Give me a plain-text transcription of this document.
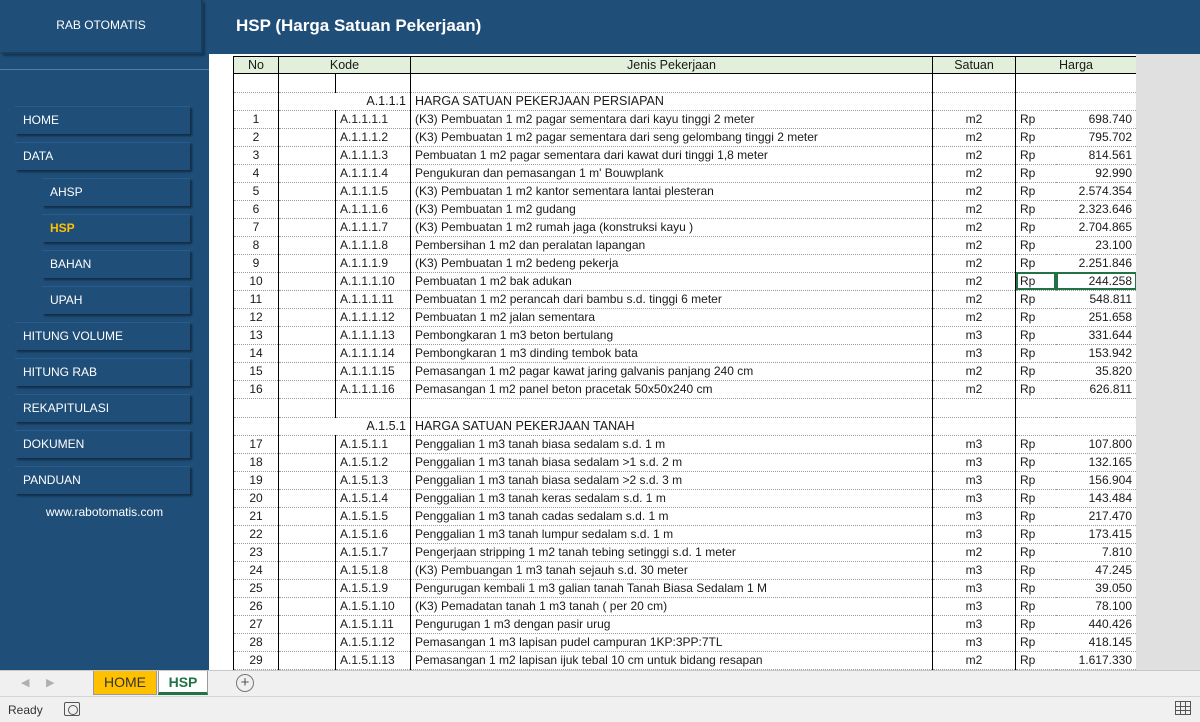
RAB OTOMATIS
HOME
DATA
AHSP
HSP
BAHAN
UPAH
HITUNG VOLUME
HITUNG RAB
REKAPITULASI
DOKUMEN
PANDUAN
www.rabotomatis.com
HSP (Harga Satuan Pekerjaan)

No	Kode		Jenis Pekerjaan	Satuan	Harga	

	A.1.1.1		HARGA SATUAN PEKERJAAN PERSIAPAN			
1		A.1.1.1.1	(K3) Pembuatan 1 m2 pagar sementara dari kayu tinggi 2 meter	m2	Rp	698.740
2		A.1.1.1.2	(K3) Pembuatan 1 m2 pagar sementara dari seng gelombang tinggi 2 meter	m2	Rp	795.702
3		A.1.1.1.3	Pembuatan 1 m2 pagar sementara dari kawat duri tinggi 1,8 meter	m2	Rp	814.561
4		A.1.1.1.4	Pengukuran dan pemasangan 1 m' Bouwplank	m2	Rp	92.990
5		A.1.1.1.5	(K3) Pembuatan 1 m2 kantor sementara lantai plesteran	m2	Rp	2.574.354
6		A.1.1.1.6	(K3) Pembuatan 1 m2 gudang	m2	Rp	2.323.646
7		A.1.1.1.7	(K3) Pembuatan 1 m2 rumah jaga (konstruksi kayu )	m2	Rp	2.704.865
8		A.1.1.1.8	Pembersihan 1 m2 dan peralatan lapangan	m2	Rp	23.100
9		A.1.1.1.9	(K3) Pembuatan 1 m2 bedeng pekerja	m2	Rp	2.251.846
10		A.1.1.1.10	Pembuatan 1 m2 bak adukan	m2	Rp	244.258
11		A.1.1.1.11	Pembuatan 1 m2 perancah dari bambu s.d. tinggi 6 meter	m2	Rp	548.811
12		A.1.1.1.12	Pembuatan 1 m2 jalan sementara	m2	Rp	251.658
13		A.1.1.1.13	Pembongkaran 1 m3 beton bertulang	m3	Rp	331.644
14		A.1.1.1.14	Pembongkaran 1 m3 dinding tembok bata	m3	Rp	153.942
15		A.1.1.1.15	Pemasangan 1 m2 pagar kawat jaring galvanis panjang 240 cm	m2	Rp	35.820
16		A.1.1.1.16	Pemasangan 1 m2 panel beton pracetak 50x50x240 cm	m2	Rp	626.811

	A.1.5.1		HARGA SATUAN PEKERJAAN TANAH			
17		A.1.5.1.1	Penggalian 1 m3 tanah biasa sedalam s.d. 1 m	m3	Rp	107.800
18		A.1.5.1.2	Penggalian 1 m3 tanah biasa sedalam >1 s.d. 2 m	m3	Rp	132.165
19		A.1.5.1.3	Penggalian 1 m3 tanah biasa sedalam >2 s.d. 3 m	m3	Rp	156.904
20		A.1.5.1.4	Penggalian 1 m3 tanah keras sedalam s.d. 1 m	m3	Rp	143.484
21		A.1.5.1.5	Penggalian 1 m3 tanah cadas sedalam s.d. 1 m	m3	Rp	217.470
22		A.1.5.1.6	Penggalian 1 m3 tanah lumpur sedalam s.d. 1 m	m3	Rp	173.415
23		A.1.5.1.7	Pengerjaan stripping 1 m2 tanah tebing setinggi s.d. 1 meter	m2	Rp	7.810
24		A.1.5.1.8	(K3) Pembuangan 1 m3 tanah sejauh s.d. 30 meter	m3	Rp	47.245
25		A.1.5.1.9	Pengurugan kembali 1 m3 galian tanah Tanah Biasa Sedalam 1 M	m3	Rp	39.050
26		A.1.5.1.10	(K3) Pemadatan tanah 1 m3 tanah ( per 20 cm)	m3	Rp	78.100
27		A.1.5.1.11	Pengurugan 1 m3 dengan pasir urug	m3	Rp	440.426
28		A.1.5.1.12	Pemasangan 1 m3 lapisan pudel campuran 1KP:3PP:7TL	m3	Rp	418.145
29		A.1.5.1.13	Pemasangan 1 m2 lapisan ijuk tebal 10 cm untuk bidang resapan	m2	Rp	1.617.330
◀ ▶	HOME	HSP	+
Ready
